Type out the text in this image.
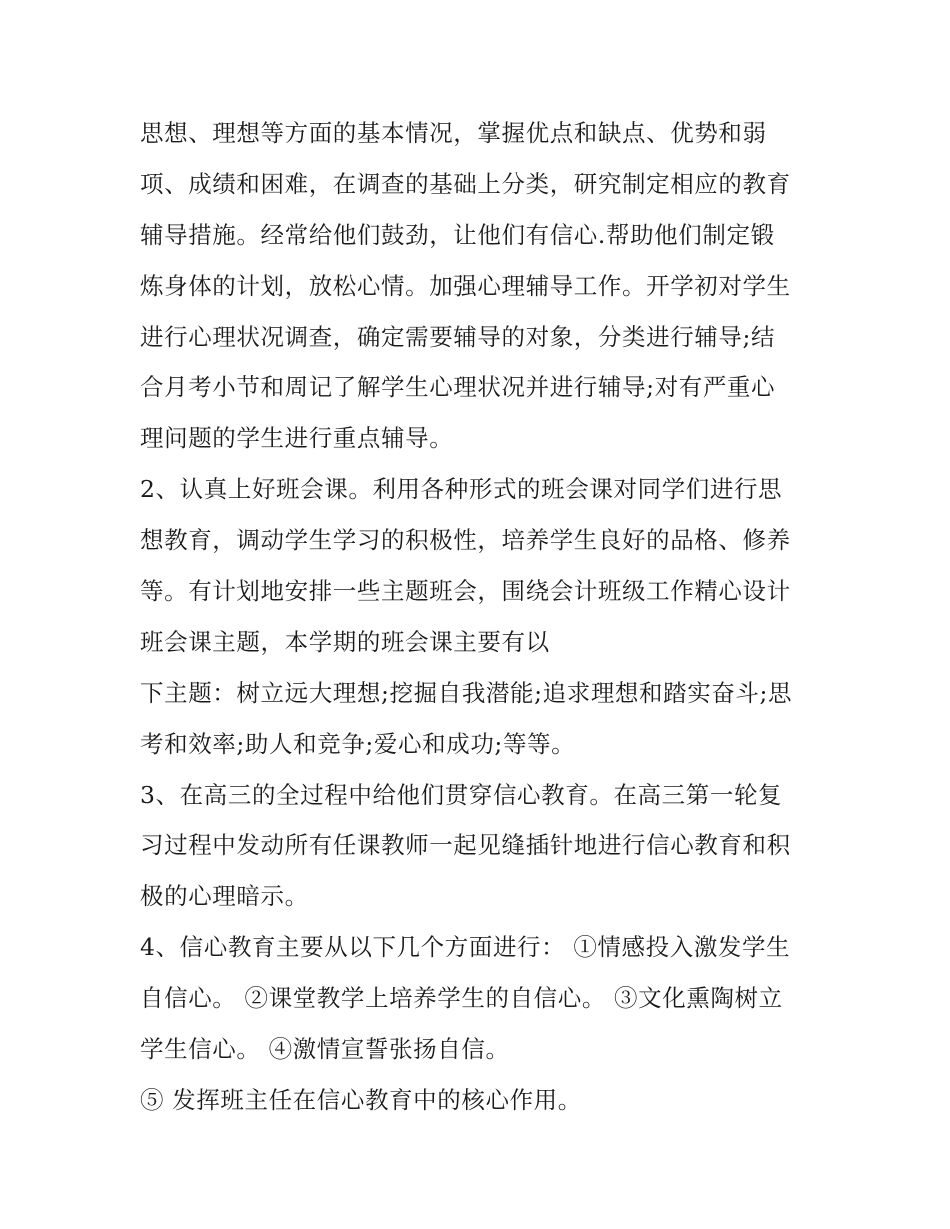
思想、理想等方面的基本情况，掌握优点和缺点、优势和弱
项、成绩和困难，在调查的基础上分类，研究制定相应的教育
辅导措施。经常给他们鼓劲，让他们有信心.帮助他们制定锻
炼身体的计划，放松心情。加强心理辅导工作。开学初对学生
进行心理状况调查，确定需要辅导的对象，分类进行辅导;结
合月考小节和周记了解学生心理状况并进行辅导;对有严重心
理问题的学生进行重点辅导。
2、认真上好班会课。利用各种形式的班会课对同学们进行思
想教育，调动学生学习的积极性，培养学生良好的品格、修养
等。有计划地安排一些主题班会，围绕会计班级工作精心设计
班会课主题，本学期的班会课主要有以
下主题：树立远大理想;挖掘自我潜能;追求理想和踏实奋斗;思
考和效率;助人和竞争;爱心和成功;等等。
3、在高三的全过程中给他们贯穿信心教育。在高三第一轮复
习过程中发动所有任课教师一起见缝插针地进行信心教育和积
极的心理暗示。
4、信心教育主要从以下几个方面进行： ①情感投入激发学生
自信心。 ②课堂教学上培养学生的自信心。 ③文化熏陶树立
学生信心。 ④激情宣誓张扬自信。
⑤ 发挥班主任在信心教育中的核心作用。
